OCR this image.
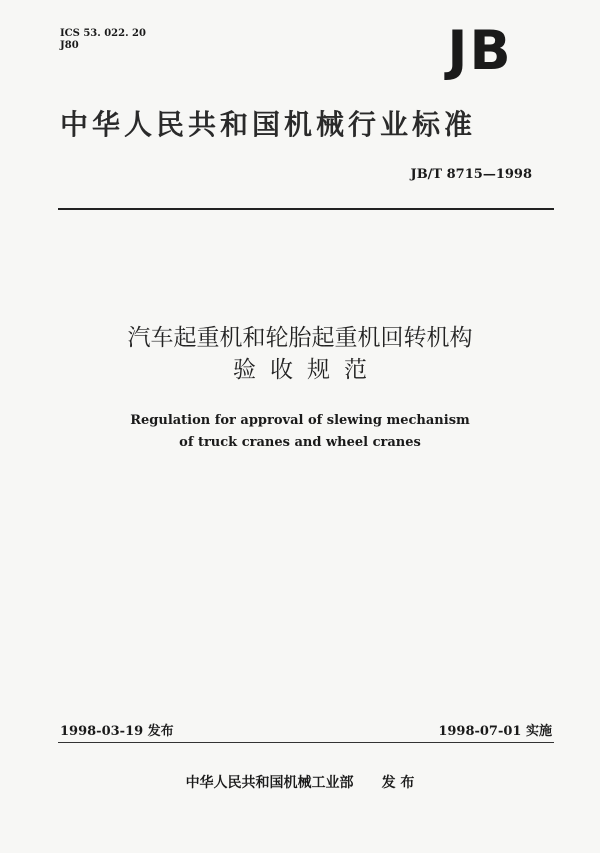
ICS 53. 022. 20
J80	JB
中华人民共和国机械行业标准
JB/T 8715—1998
汽车起重机和轮胎起重机回转机构
验收规范
Regulation for approval of slewing mechanism
of truck cranes and wheel cranes
1998-03-19 发布	1998-07-01 实施
中华人民共和国机械工业部 发 布
